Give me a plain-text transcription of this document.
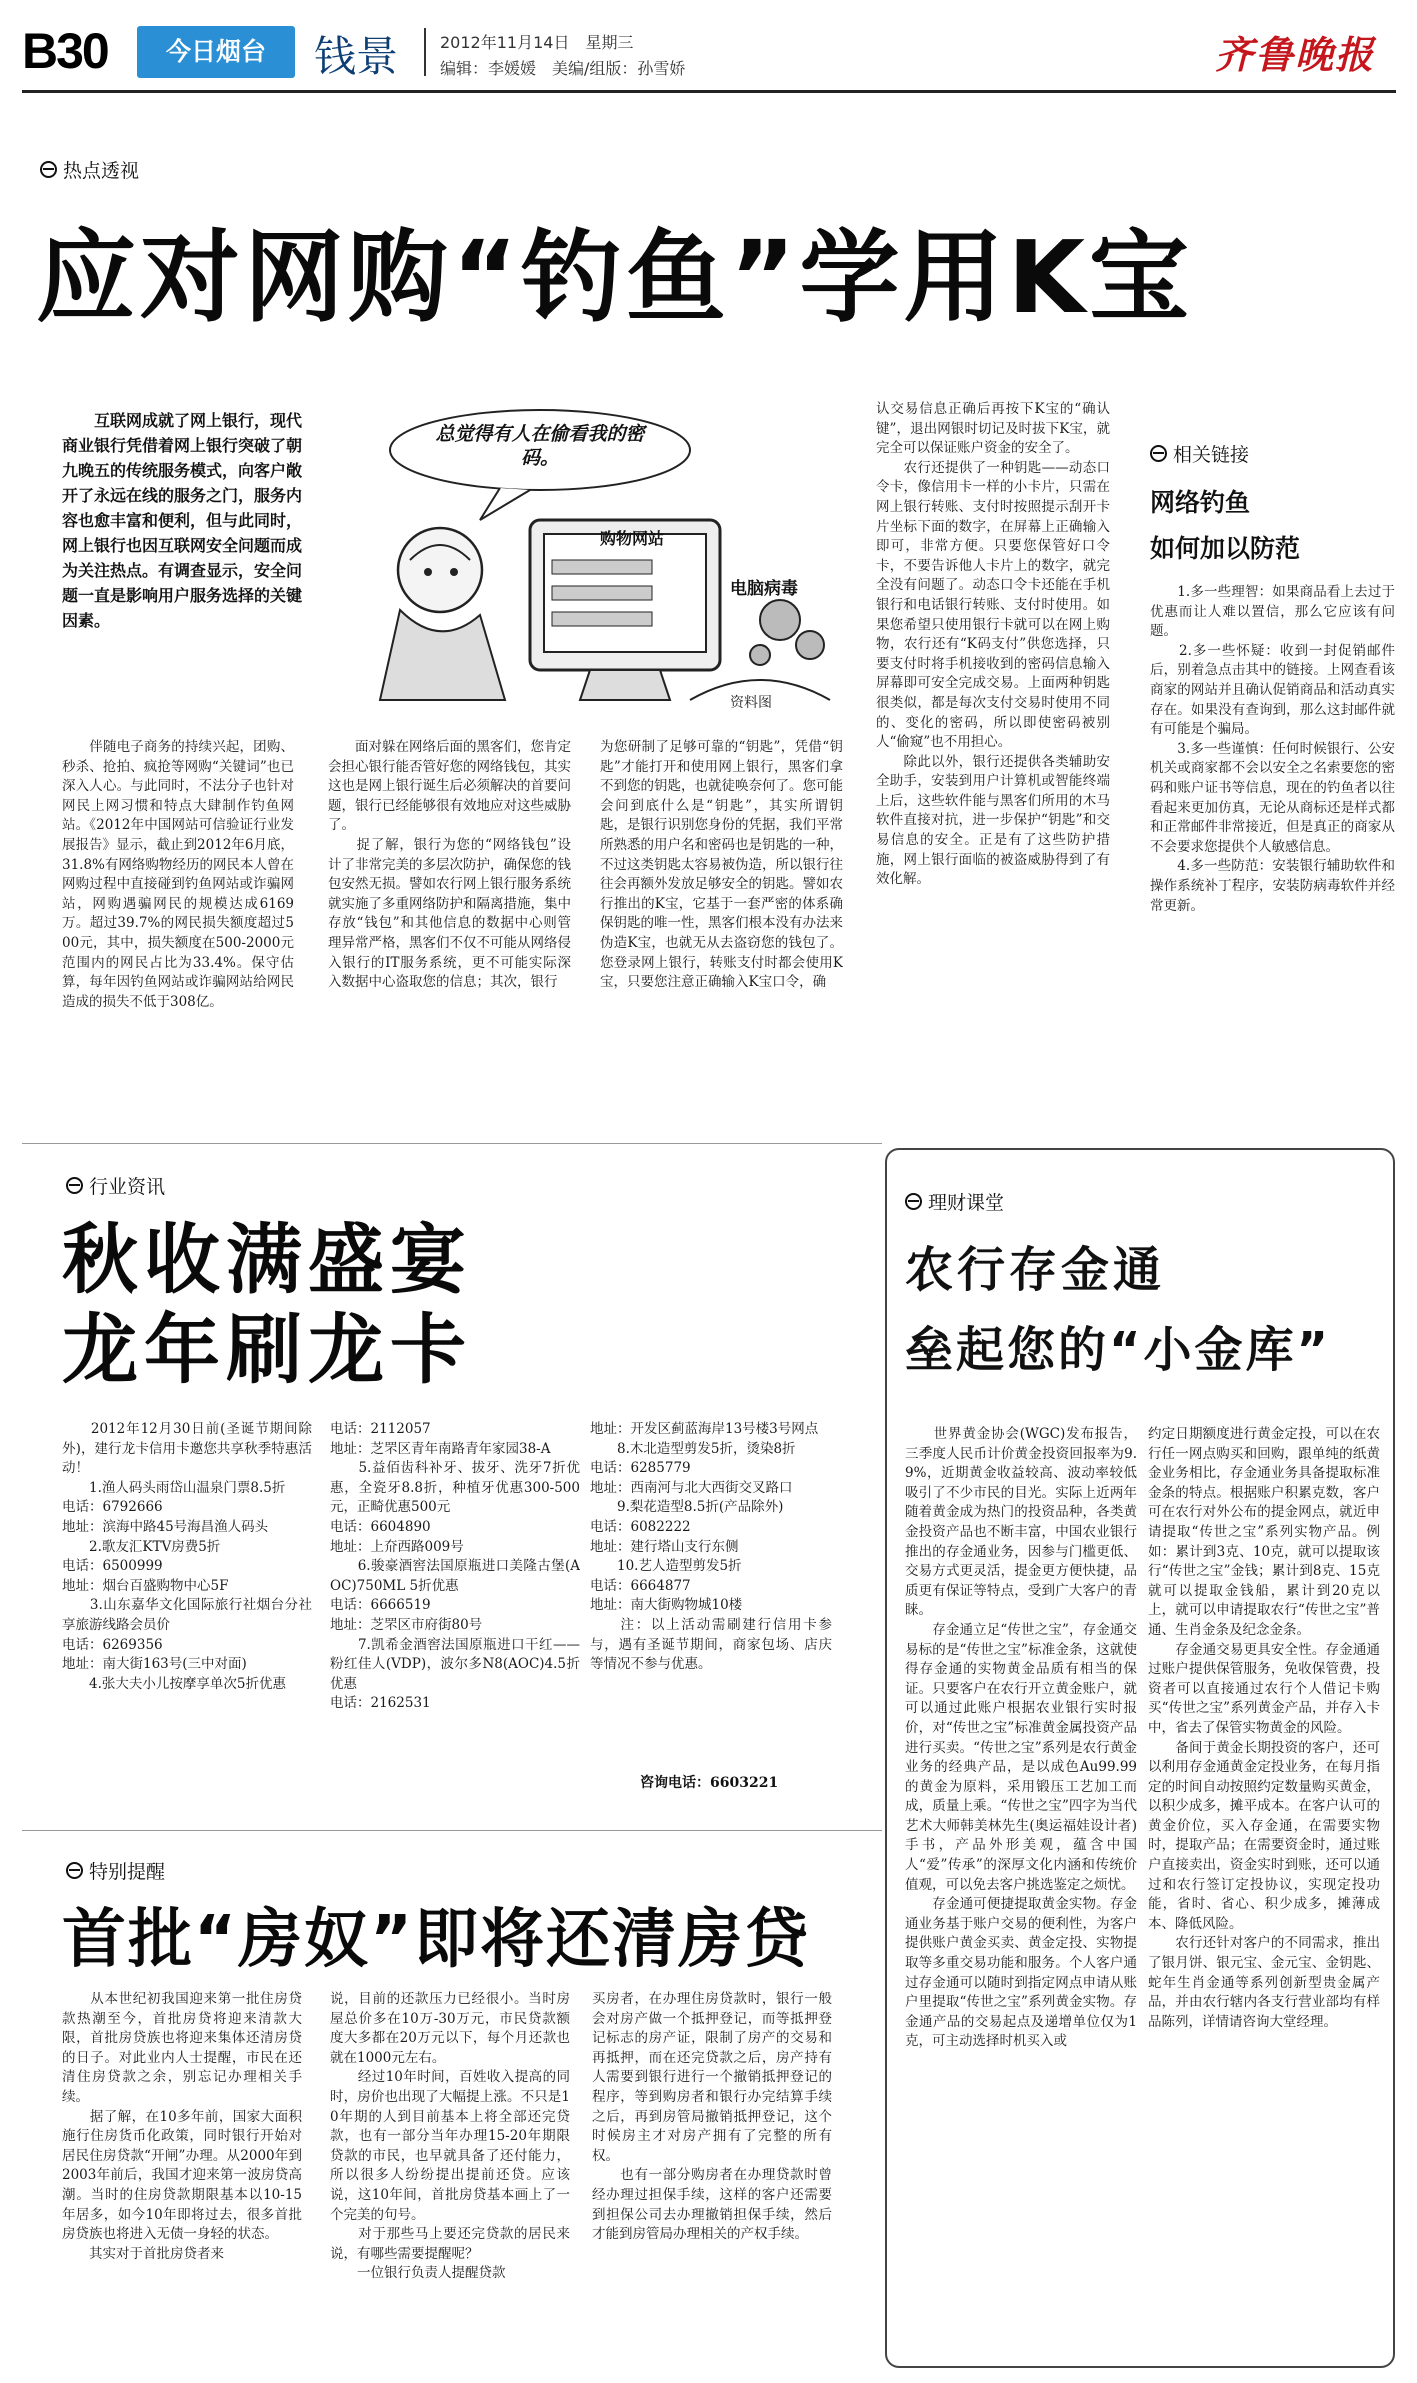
B30	今日烟台	钱景	2012年11月14日　星期三
编辑：李媛媛　美编/组版：孙雪娇	齐鲁晚报
热点透视
应对网购“钓鱼”学用K宝
互联网成就了网上银行，现代商业银行凭借着网上银行突破了朝九晚五的传统服务模式，向客户敞开了永远在线的服务之门，服务内容也愈丰富和便利，但与此同时，网上银行也因互联网安全问题而成为关注热点。有调查显示，安全问题一直是影响用户服务选择的关键因素。
总觉得有人在偷看我的密码。
购物网站
电脑病毒
资料图
认交易信息正确后再按下K宝的“确认键”，退出网银时切记及时拔下K宝，就完全可以保证账户资金的安全了。
　　农行还提供了一种钥匙——动态口令卡，像信用卡一样的小卡片，只需在网上银行转账、支付时按照提示刮开卡片坐标下面的数字，在屏幕上正确输入即可，非常方便。只要您保管好口令卡，不要告诉他人卡片上的数字，就完全没有问题了。动态口令卡还能在手机银行和电话银行转账、支付时使用。如果您希望只使用银行卡就可以在网上购物，农行还有“K码支付”供您选择，只要支付时将手机接收到的密码信息输入屏幕即可安全完成交易。上面两种钥匙很类似，都是每次支付交易时使用不同的、变化的密码，所以即使密码被别人“偷窥”也不用担心。
　　除此以外，银行还提供各类辅助安全助手，安装到用户计算机或智能终端上后，这些软件能与黑客们所用的木马软件直接对抗，进一步保护“钥匙”和交易信息的安全。正是有了这些防护措施，网上银行面临的被盗威胁得到了有效化解。
　　伴随电子商务的持续兴起，团购、秒杀、抢拍、疯抢等网购“关键词”也已深入人心。与此同时，不法分子也针对网民上网习惯和特点大肆制作钓鱼网站。《2012年中国网站可信验证行业发展报告》显示，截止到2012年6月底，31.8%有网络购物经历的网民本人曾在网购过程中直接碰到钓鱼网站或诈骗网站，网购遇骗网民的规模达成6169万。超过39.7%的网民损失额度超过500元，其中，损失额度在500-2000元范围内的网民占比为33.4%。保守估算，每年因钓鱼网站或诈骗网站给网民造成的损失不低于308亿。
　　面对躲在网络后面的黑客们，您肯定会担心银行能否管好您的网络钱包，其实这也是网上银行诞生后必须解决的首要问题，银行已经能够很有效地应对这些威胁了。
　　捉了解，银行为您的“网络钱包”设计了非常完美的多层次防护，确保您的钱包安然无损。譬如农行网上银行服务系统就实施了多重网络防护和隔离措施，集中存放“钱包”和其他信息的数据中心则管理异常严格，黑客们不仅不可能从网络侵入银行的IT服务系统，更不可能实际深入数据中心盗取您的信息；其次，银行
为您研制了足够可靠的“钥匙”，凭借“钥匙”才能打开和使用网上银行，黑客们拿不到您的钥匙，也就徒唤奈何了。您可能会问到底什么是“钥匙”，其实所谓钥匙，是银行识别您身份的凭据，我们平常所熟悉的用户名和密码也是钥匙的一种，不过这类钥匙太容易被伪造，所以银行往往会再额外发放足够安全的钥匙。譬如农行推出的K宝，它基于一套严密的体系确保钥匙的唯一性，黑客们根本没有办法来伪造K宝，也就无从去盗窃您的钱包了。您登录网上银行，转账支付时都会使用K宝，只要您注意正确输入K宝口令，确
相关链接
网络钓鱼
如何加以防范
　　1.多一些理智：如果商品看上去过于优惠而让人难以置信，那么它应该有问题。
　　2.多一些怀疑：收到一封促销邮件后，别着急点击其中的链接。上网查看该商家的网站并且确认促销商品和活动真实存在。如果没有查询到，那么这封邮件就有可能是个骗局。
　　3.多一些谨慎：任何时候银行、公安机关或商家都不会以安全之名索要您的密码和账户证书等信息，现在的钓鱼者以往看起来更加仿真，无论从商标还是样式都和正常邮件非常接近，但是真正的商家从不会要求您提供个人敏感信息。
　　4.多一些防范：安装银行辅助软件和操作系统补丁程序，安装防病毒软件并经常更新。
行业资讯
秋收满盛宴
龙年刷龙卡
　　2012年12月30日前(圣诞节期间除外)，建行龙卡信用卡邀您共享秋季特惠活动！
　　1.渔人码头雨岱山温泉门票8.5折
电话：6792666
地址：滨海中路45号海昌渔人码头
　　2.歌友汇KTV房费5折
电话：6500999
地址：烟台百盛购物中心5F
　　3.山东嘉华文化国际旅行社烟台分社享旅游线路会员价
电话：6269356
地址：南大街163号(三中对面)
　　4.张大夫小儿按摩享单次5折优惠
电话：2112057
地址：芝罘区青年南路青年家园38-A
　　5.益佰齿科补牙、拔牙、洗牙7折优惠，全瓷牙8.8折，种植牙优惠300-500元，正畸优惠500元
电话：6604890
地址：上夼西路009号
　　6.骏豪酒窖法国原瓶进口美隆古堡(AOC)750ML 5折优惠
电话：6666519
地址：芝罘区市府街80号
　　7.凯希金酒窖法国原瓶进口干红——粉红佳人(VDP)，波尔多N8(AOC)4.5折优惠
电话：2162531
地址：开发区蓟蓝海岸13号楼3号网点
　　8.木北造型剪发5折，烫染8折
电话：6285779
地址：西南河与北大西街交叉路口
　　9.梨花造型8.5折(产品除外)
电话：6082222
地址：建行塔山支行东侧
　　10.艺人造型剪发5折
电话：6664877
地址：南大街购物城10楼
　　注：以上活动需刷建行信用卡参与，遇有圣诞节期间，商家包场、店庆等情况不参与优惠。
咨询电话：6603221
理财课堂
农行存金通
垒起您的“小金库”
　　世界黄金协会(WGC)发布报告，三季度人民币计价黄金投资回报率为9.9%，近期黄金收益较高、波动率较低吸引了不少市民的目光。实际上近两年随着黄金成为热门的投资品种，各类黄金投资产品也不断丰富，中国农业银行推出的存金通业务，因参与门槛更低、交易方式更灵活，提金更方便快捷，品质更有保证等特点，受到广大客户的青睐。
　　存金通立足“传世之宝”，存金通交易标的是“传世之宝”标准金条，这就使得存金通的实物黄金品质有相当的保证。只要客户在农行开立黄金账户，就可以通过此账户根据农业银行实时报价，对“传世之宝”标准黄金属投资产品进行买卖。“传世之宝”系列是农行黄金业务的经典产品，是以成色Au99.99的黄金为原料，采用锻压工艺加工而成，质量上乘。“传世之宝”四字为当代艺术大师韩美林先生(奥运福娃设计者)手书，产品外形美观，蕴含中国人“爱”传承”的深厚文化内涵和传统价值观，可以免去客户挑选鉴定之烦忧。
　　存金通可便捷提取黄金实物。存金通业务基于账户交易的便利性，为客户提供账户黄金买卖、黄金定投、实物提取等多重交易功能和服务。个人客户通过存金通可以随时到指定网点申请从账户里提取“传世之宝”系列黄金实物。存金通产品的交易起点及递增单位仅为1克，可主动选择时机买入或
约定日期额度进行黄金定投，可以在农行任一网点购买和回购，跟单纯的纸黄金业务相比，存金通业务具备提取标准金条的特点。根据账户积累克数，客户可在农行对外公布的提金网点，就近申请提取“传世之宝”系列实物产品。例如：累计到3克、10克，就可以提取该行“传世之宝”金钱；累计到8克、15克就可以提取金钱船，累计到20克以上，就可以申请提取农行“传世之宝”普通、生肖金条及纪念金条。
　　存金通交易更具安全性。存金通通过账户提供保管服务，免收保管费，投资者可以直接通过农行个人借记卡购买“传世之宝”系列黄金产品，并存入卡中，省去了保管实物黄金的风险。
　　备间于黄金长期投资的客户，还可以利用存金通黄金定投业务，在每月指定的时间自动按照约定数量购买黄金，以积少成多，摊平成本。在客户认可的黄金价位，买入存金通，在需要实物时，提取产品；在需要资金时，通过账户直接卖出，资金实时到账，还可以通过和农行签订定投协议，实现定投功能，省时、省心、积少成多，摊薄成本、降低风险。
　　农行还针对客户的不同需求，推出了银月饼、银元宝、金元宝、金钥匙、蛇年生肖金通等系列创新型贵金属产品，并由农行辖内各支行营业部均有样品陈列，详情请咨询大堂经理。
特别提醒
首批“房奴”即将还清房贷
　　从本世纪初我国迎来第一批住房贷款热潮至今，首批房贷将迎来清款大限，首批房贷族也将迎来集体还清房贷的日子。对此业内人士提醒，市民在还清住房贷款之余，别忘记办理相关手续。
　　据了解，在10多年前，国家大面积施行住房货币化政策，同时银行开始对居民住房贷款“开闸”办理。从2000年到2003年前后，我国才迎来第一波房贷高潮。当时的住房贷款期限基本以10-15年居多，如今10年即将过去，很多首批房贷族也将进入无债一身轻的状态。
　　其实对于首批房贷者来
说，目前的还款压力已经很小。当时房屋总价多在10万-30万元，市民贷款额度大多都在20万元以下，每个月还款也就在1000元左右。
　　经过10年时间，百姓收入提高的同时，房价也出现了大幅提上涨。不只是10年期的人到目前基本上将全部还完贷款，也有一部分当年办理15-20年期限贷款的市民，也早就具备了还付能力，所以很多人纷纷提出提前还贷。应该说，这10年间，首批房贷基本画上了一个完美的句号。
　　对于那些马上要还完贷款的居民来说，有哪些需要提醒呢？
　　一位银行负责人提醒贷款
买房者，在办理住房贷款时，银行一般会对房产做一个抵押登记，而等抵押登记标志的房产证，限制了房产的交易和再抵押，而在还完贷款之后，房产持有人需要到银行进行一个撤销抵押登记的程序，等到购房者和银行办完结算手续之后，再到房管局撤销抵押登记，这个时候房主才对房产拥有了完整的所有权。
　　也有一部分购房者在办理贷款时曾经办理过担保手续，这样的客户还需要到担保公司去办理撤销担保手续，然后才能到房管局办理相关的产权手续。
